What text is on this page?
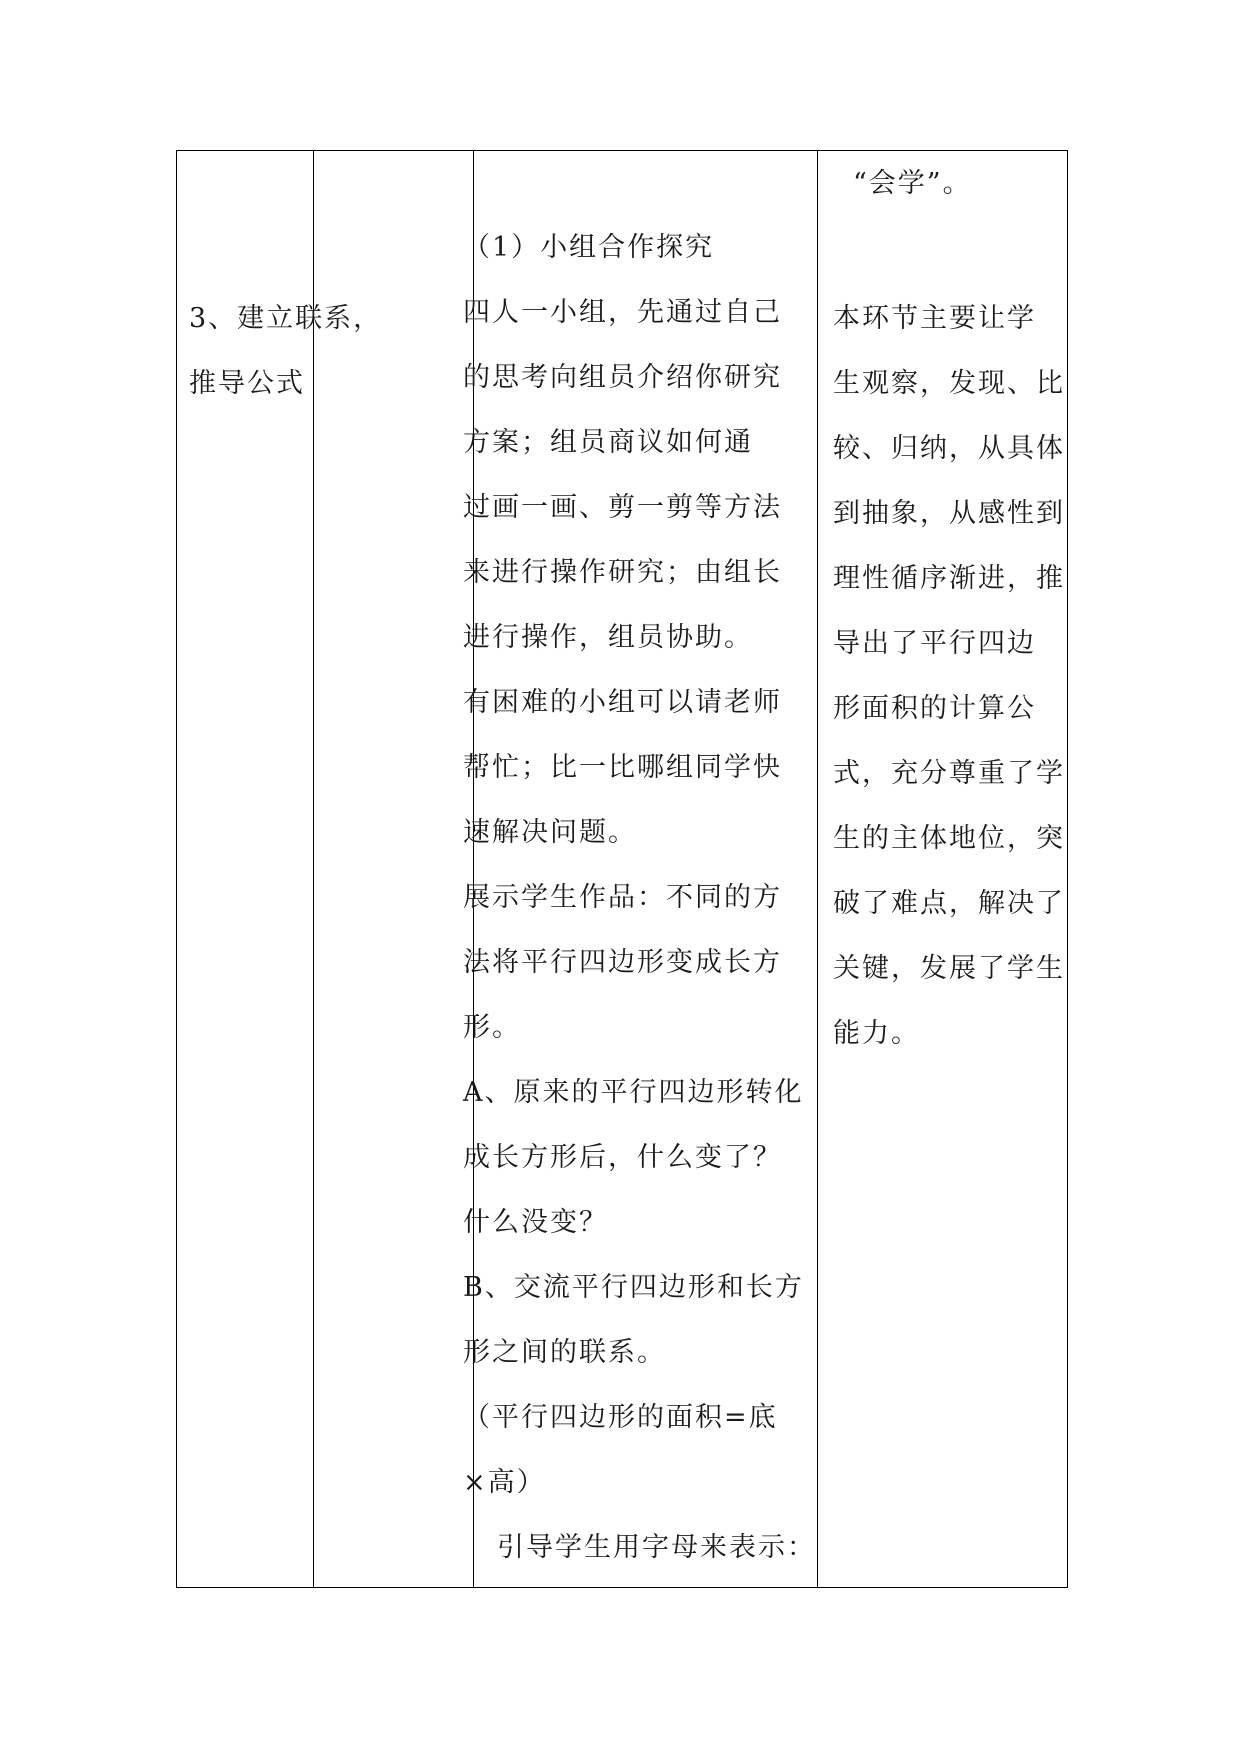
3、建立联系，
推导公式
（1）小组合作探究
四人一小组，先通过自己
的思考向组员介绍你研究
方案；组员商议如何通
过画一画、剪一剪等方法
来进行操作研究；由组长
进行操作，组员协助。
有困难的小组可以请老师
帮忙；比一比哪组同学快
速解决问题。
展示学生作品：不同的方
法将平行四边形变成长方
形。
A、原来的平行四边形转化
成长方形后，什么变了？
什么没变？
B、交流平行四边形和长方
形之间的联系。
（平行四边形的面积=底
×高）
引导学生用字母来表示：
“会学”。
本环节主要让学
生观察，发现、比
较、归纳，从具体
到抽象，从感性到
理性循序渐进，推
导出了平行四边
形面积的计算公
式，充分尊重了学
生的主体地位，突
破了难点，解决了
关键，发展了学生
能力。
